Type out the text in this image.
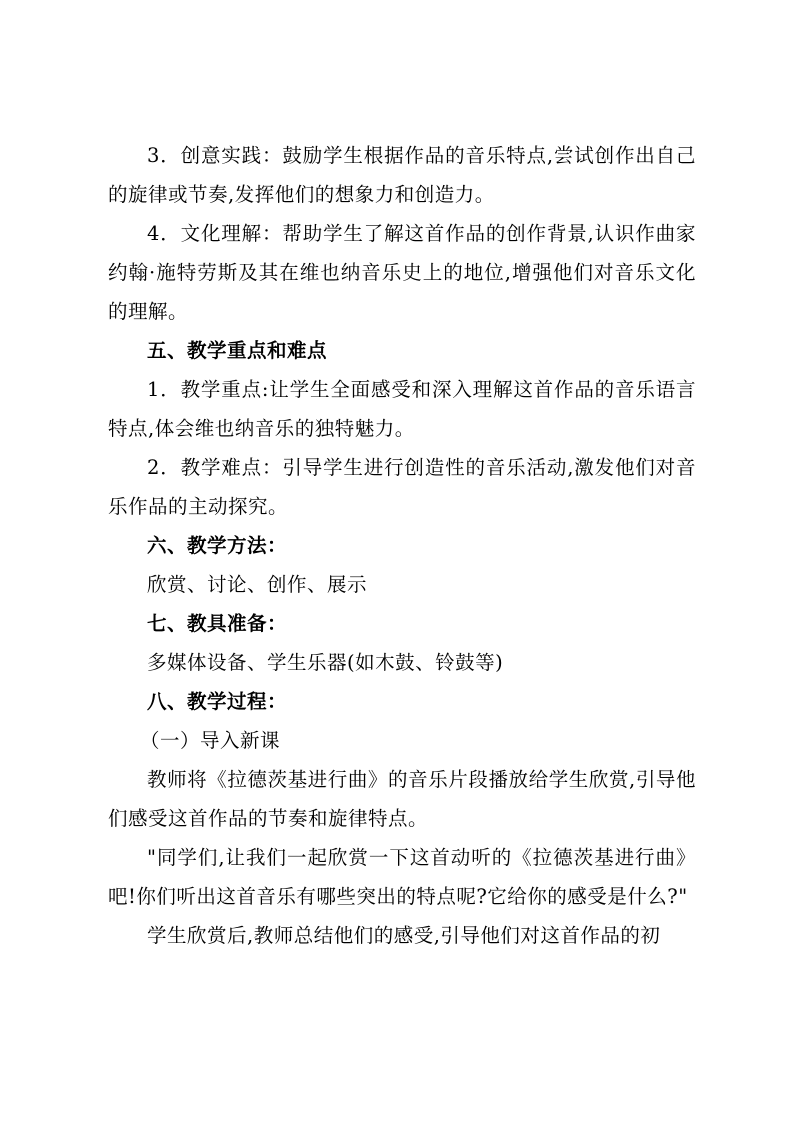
3．创意实践：鼓励学生根据作品的音乐特点,尝试创作出自己的旋律或节奏,发挥他们的想象力和创造力。

4．文化理解：帮助学生了解这首作品的创作背景,认识作曲家约翰·施特劳斯及其在维也纳音乐史上的地位,增强他们对音乐文化的理解。

五、教学重点和难点

1．教学重点:让学生全面感受和深入理解这首作品的音乐语言特点,体会维也纳音乐的独特魅力。

2．教学难点：引导学生进行创造性的音乐活动,激发他们对音乐作品的主动探究。

六、教学方法：

欣赏、讨论、创作、展示

七、教具准备：

多媒体设备、学生乐器(如木鼓、铃鼓等)

八、教学过程：

（一）导入新课

教师将《拉德茨基进行曲》的音乐片段播放给学生欣赏,引导他们感受这首作品的节奏和旋律特点。

"同学们,让我们一起欣赏一下这首动听的《拉德茨基进行曲》吧!你们听出这首音乐有哪些突出的特点呢?它给你的感受是什么?"

学生欣赏后,教师总结他们的感受,引导他们对这首作品的初
